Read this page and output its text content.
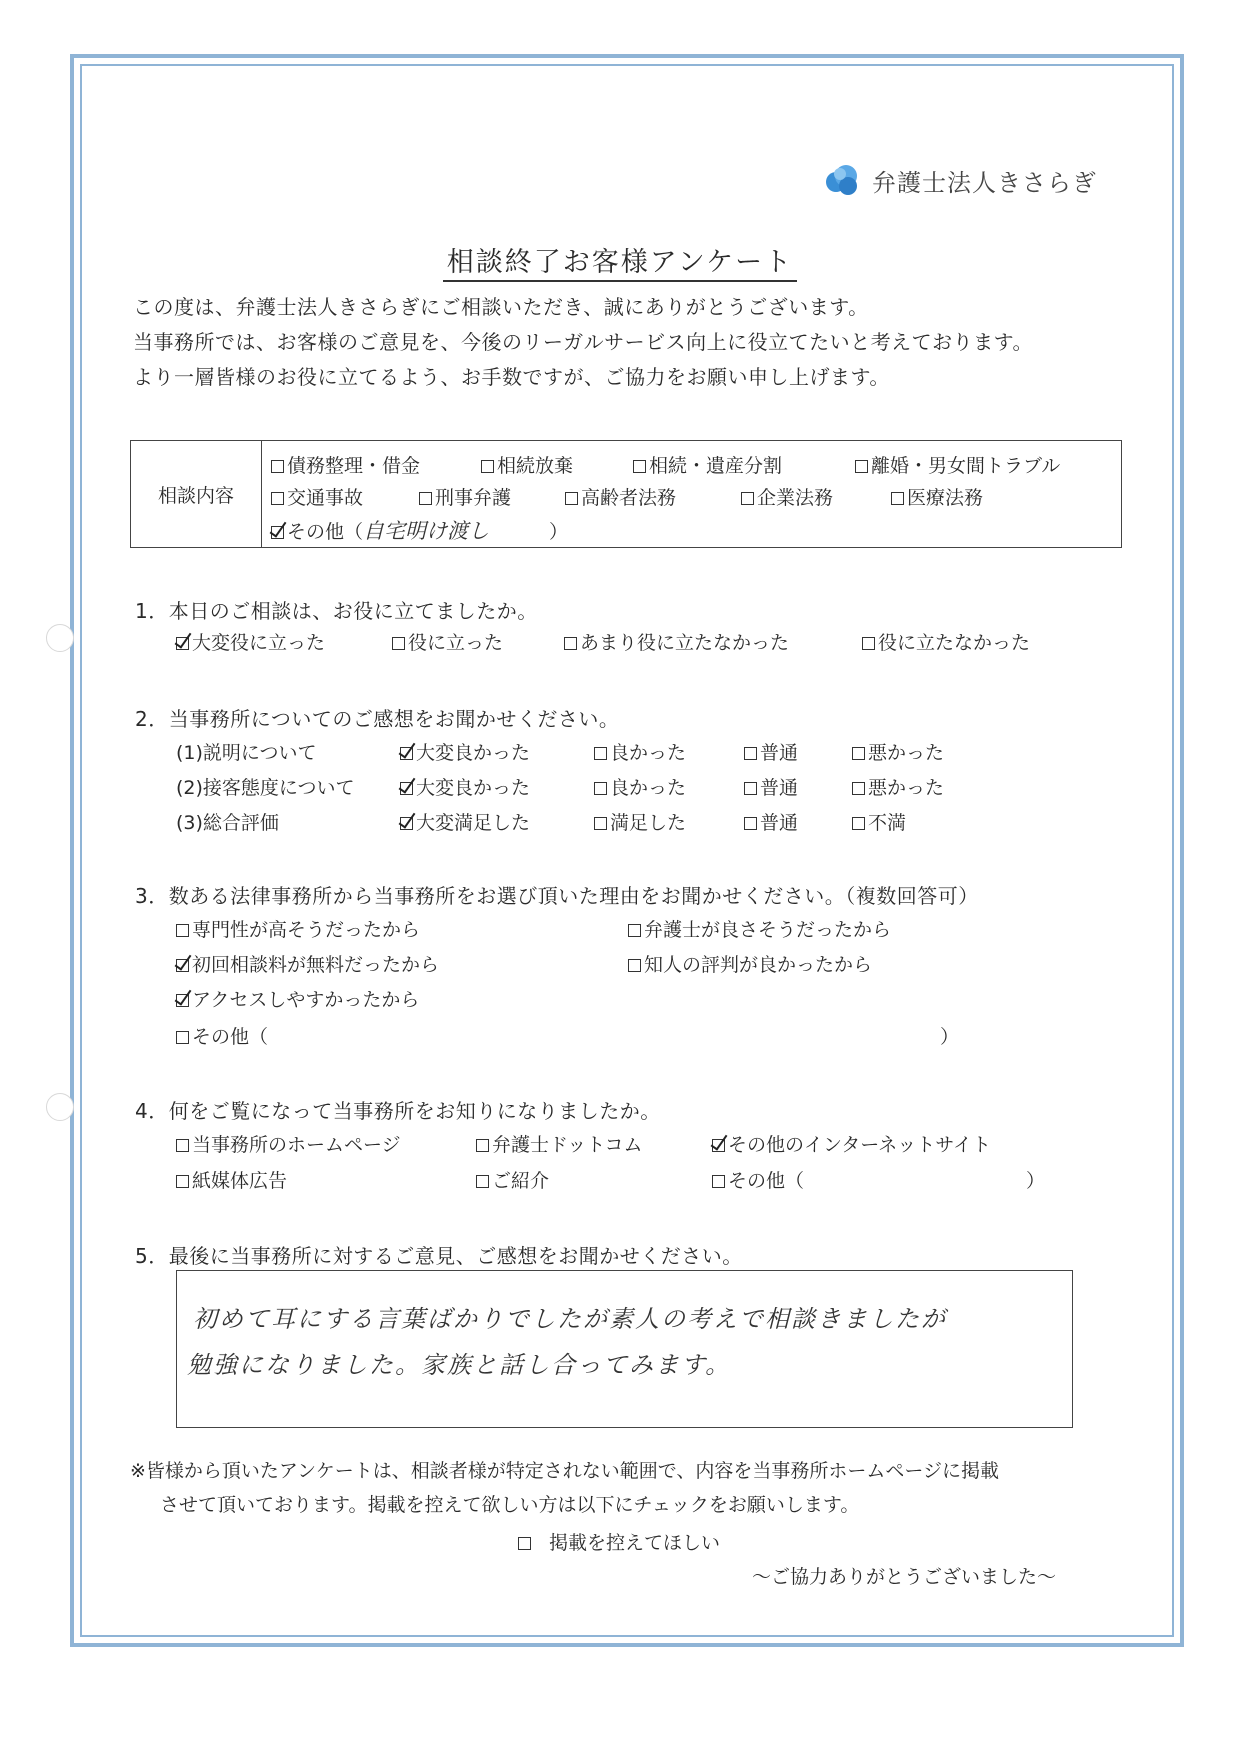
弁護士法人きさらぎ
相談終了お客様アンケート
この度は、弁護士法人きさらぎにご相談いただき、誠にありがとうございます。
当事務所では、お客様のご意見を、今後のリーガルサービス向上に役立てたいと考えております。
より一層皆様のお役に立てるよう、お手数ですが、ご協力をお願い申し上げます。
相談内容
債務整理・借金	相続放棄	相続・遺産分割	離婚・男女間トラブル
交通事故	刑事弁護	高齢者法務	企業法務	医療法務
その他（自宅明け渡し	）
1．本日のご相談は、お役に立てましたか。
大変役に立った	役に立った	あまり役に立たなかった	役に立たなかった
2．当事務所についてのご感想をお聞かせください。
(1)説明について	大変良かった	良かった	普通	悪かった
(2)接客態度について	大変良かった	良かった	普通	悪かった
(3)総合評価	大変満足した	満足した	普通	不満
3．数ある法律事務所から当事務所をお選び頂いた理由をお聞かせください。（複数回答可）
専門性が高そうだったから	弁護士が良さそうだったから
初回相談料が無料だったから	知人の評判が良かったから
アクセスしやすかったから
その他（	）
4．何をご覧になって当事務所をお知りになりましたか。
当事務所のホームページ	弁護士ドットコム	その他のインターネットサイト
紙媒体広告	ご紹介	その他（	）
5．最後に当事務所に対するご意見、ご感想をお聞かせください。
初めて耳にする言葉ばかりでしたが素人の考えで相談きましたが
勉強になりました。家族と話し合ってみます。
※皆様から頂いたアンケートは、相談者様が特定されない範囲で、内容を当事務所ホームページに掲載
させて頂いております。掲載を控えて欲しい方は以下にチェックをお願いします。
掲載を控えてほしい
～ご協力ありがとうございました～
